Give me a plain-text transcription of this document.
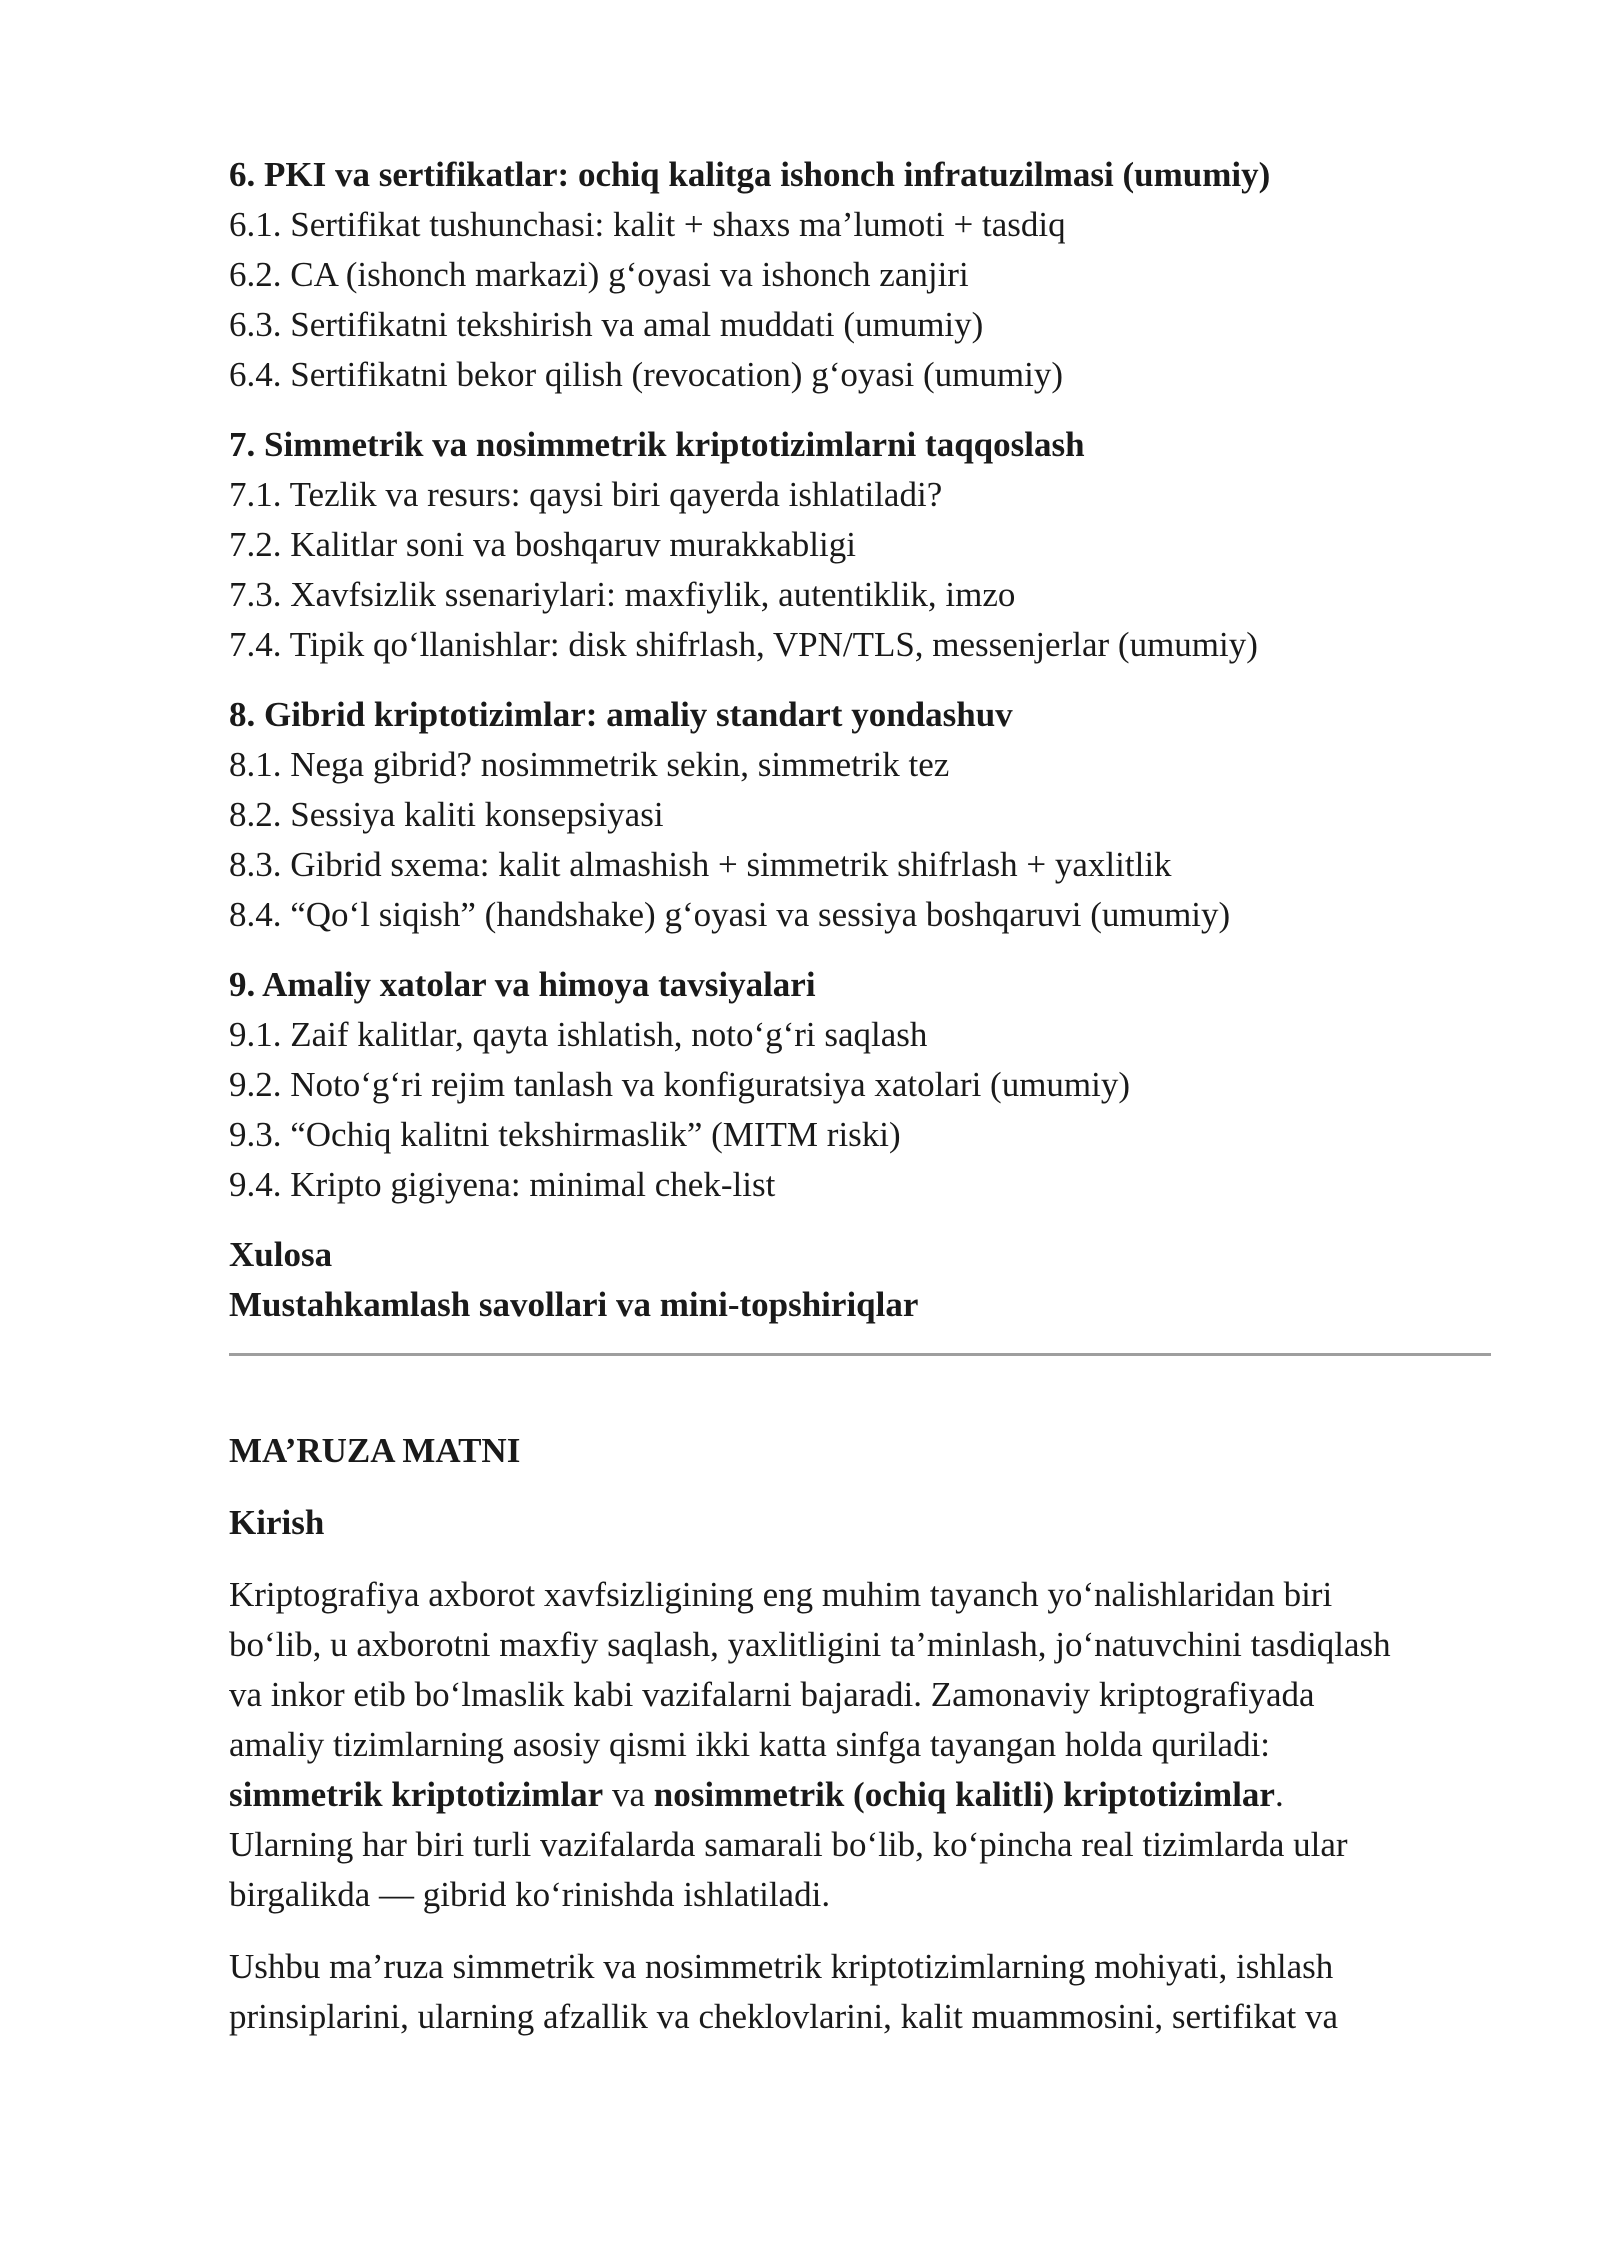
6. PKI va sertifikatlar: ochiq kalitga ishonch infratuzilmasi (umumiy)
6.1. Sertifikat tushunchasi: kalit + shaxs ma’lumoti + tasdiq
6.2. CA (ishonch markazi) g‘oyasi va ishonch zanjiri
6.3. Sertifikatni tekshirish va amal muddati (umumiy)
6.4. Sertifikatni bekor qilish (revocation) g‘oyasi (umumiy)
7. Simmetrik va nosimmetrik kriptotizimlarni taqqoslash
7.1. Tezlik va resurs: qaysi biri qayerda ishlatiladi?
7.2. Kalitlar soni va boshqaruv murakkabligi
7.3. Xavfsizlik ssenariylari: maxfiylik, autentiklik, imzo
7.4. Tipik qo‘llanishlar: disk shifrlash, VPN/TLS, messenjerlar (umumiy)
8. Gibrid kriptotizimlar: amaliy standart yondashuv
8.1. Nega gibrid? nosimmetrik sekin, simmetrik tez
8.2. Sessiya kaliti konsepsiyasi
8.3. Gibrid sxema: kalit almashish + simmetrik shifrlash + yaxlitlik
8.4. “Qo‘l siqish” (handshake) g‘oyasi va sessiya boshqaruvi (umumiy)
9. Amaliy xatolar va himoya tavsiyalari
9.1. Zaif kalitlar, qayta ishlatish, noto‘g‘ri saqlash
9.2. Noto‘g‘ri rejim tanlash va konfiguratsiya xatolari (umumiy)
9.3. “Ochiq kalitni tekshirmaslik” (MITM riski)
9.4. Kripto gigiyena: minimal chek-list
Xulosa
Mustahkamlash savollari va mini-topshiriqlar
MA’RUZA MATNI
Kirish
Kriptografiya axborot xavfsizligining eng muhim tayanch yo‘nalishlaridan biri
bo‘lib, u axborotni maxfiy saqlash, yaxlitligini ta’minlash, jo‘natuvchini tasdiqlash
va inkor etib bo‘lmaslik kabi vazifalarni bajaradi. Zamonaviy kriptografiyada
amaliy tizimlarning asosiy qismi ikki katta sinfga tayangan holda quriladi:
simmetrik kriptotizimlar va nosimmetrik (ochiq kalitli) kriptotizimlar.
Ularning har biri turli vazifalarda samarali bo‘lib, ko‘pincha real tizimlarda ular
birgalikda — gibrid ko‘rinishda ishlatiladi.
Ushbu ma’ruza simmetrik va nosimmetrik kriptotizimlarning mohiyati, ishlash
prinsiplarini, ularning afzallik va cheklovlarini, kalit muammosini, sertifikat va
